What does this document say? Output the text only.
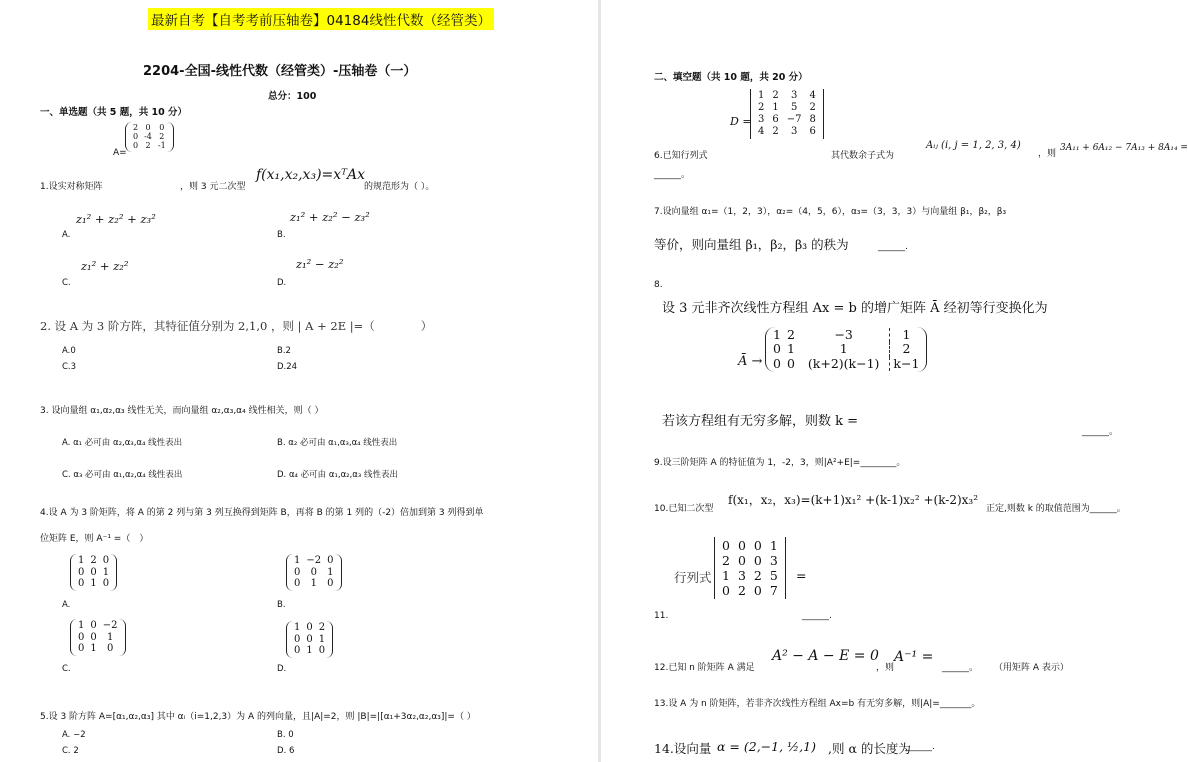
最新自考【自考考前压轴卷】04184线性代数（经管类）
2204-全国-线性代数（经管类）-压轴卷（一）
总分：100
一、单选题（共 5 题，共 10 分）
A=
2	0	0
0	-4	2
0	2	-1
1.设实对称矩阵	，则 3 元二次型
f(x₁,x₂,x₃)=xᵀAx
的规范形为（ ）。
A.
z₁² + z₂² + z₃²
B.
z₁² + z₂² − z₃²
C.
z₁² + z₂²
D.
z₁² − z₂²
2. 设 A 为 3 阶方阵，其特征值分别为 2,1,0 ，则 | A + 2E |=（　　　　）
A.0	B.2
C.3	D.24
3. 设向量组 α₁,α₂,α₃ 线性无关，而向量组 α₂,α₃,α₄ 线性相关，则（ ）
A. α₁ 必可由 α₂,α₃,α₄ 线性表出	B. α₂ 必可由 α₁,α₃,α₄ 线性表出
C. α₃ 必可由 α₁,α₂,α₄ 线性表出	D. α₄ 必可由 α₁,α₂,α₃ 线性表出
4.设 A 为 3 阶矩阵，将 A 的第 2 列与第 3 列互换得到矩阵 B，再将 B 的第 1 列的（-2）倍加到第 3 列得到单
位矩阵 E，则 A⁻¹ =（　）
A.
1	2	0
0	0	1
0	1	0
B.
1	−2	0
0	0	1
0	1	0
C.
1	0	−2
0	0	1
0	1	0
D.
1	0	2
0	0	1
0	1	0
5.设 3 阶方阵 A=[α₁,α₂,α₃] 其中 αᵢ（i=1,2,3）为 A 的列向量，且|A|=2，则 |B|=|[α₁+3α₂,α₂,α₃]|=（ ）
A. −2	B. 0
C. 2	D. 6
二、填空题（共 10 题，共 20 分）
D =
1	2	3	4
2	1	5	2
3	6	−7	8
4	2	3	6
6.已知行列式	其代数余子式为
Aᵢⱼ (i, j = 1, 2, 3, 4)
，则
3A₁₁ + 6A₁₂ − 7A₁₃ + 8A₁₄ =
______。
7.设向量组 α₁=（1，2，3），α₂=（4，5，6），α₃=（3，3，3）与向量组 β₁，β₂，β₃
等价，则向量组 β₁，β₂，β₃ 的秩为	______.
8.
设 3 元非齐次线性方程组 Ax = b 的增广矩阵 Ā 经初等行变换化为
Ā →
1	2	−3	1
0	1	1	2
0	0	(k+2)(k−1)	k−1
若该方程组有无穷多解，则数 k =
______。
9.设三阶矩阵 A 的特征值为 1，-2，3，则|A²+E|=________。
10.已知二次型
f(x₁，x₂，x₃)=(k+1)x₁² +(k-1)x₂² +(k-2)x₃²
正定,则数 k 的取值范围为______。
行列式
0	0	0	1
2	0	0	3
1	3	2	5
0	2	0	7
=
11.	______.
12.已知 n 阶矩阵 A 满足
A² − A − E = 0
，则
A⁻¹ =
______。 （用矩阵 A 表示）
13.设 A 为 n 阶矩阵，若非齐次线性方程组 Ax=b 有无穷多解，则|A|=_______。
14.设向量 α = (2,−1, ½,1) ,则 α 的长度为
______.
